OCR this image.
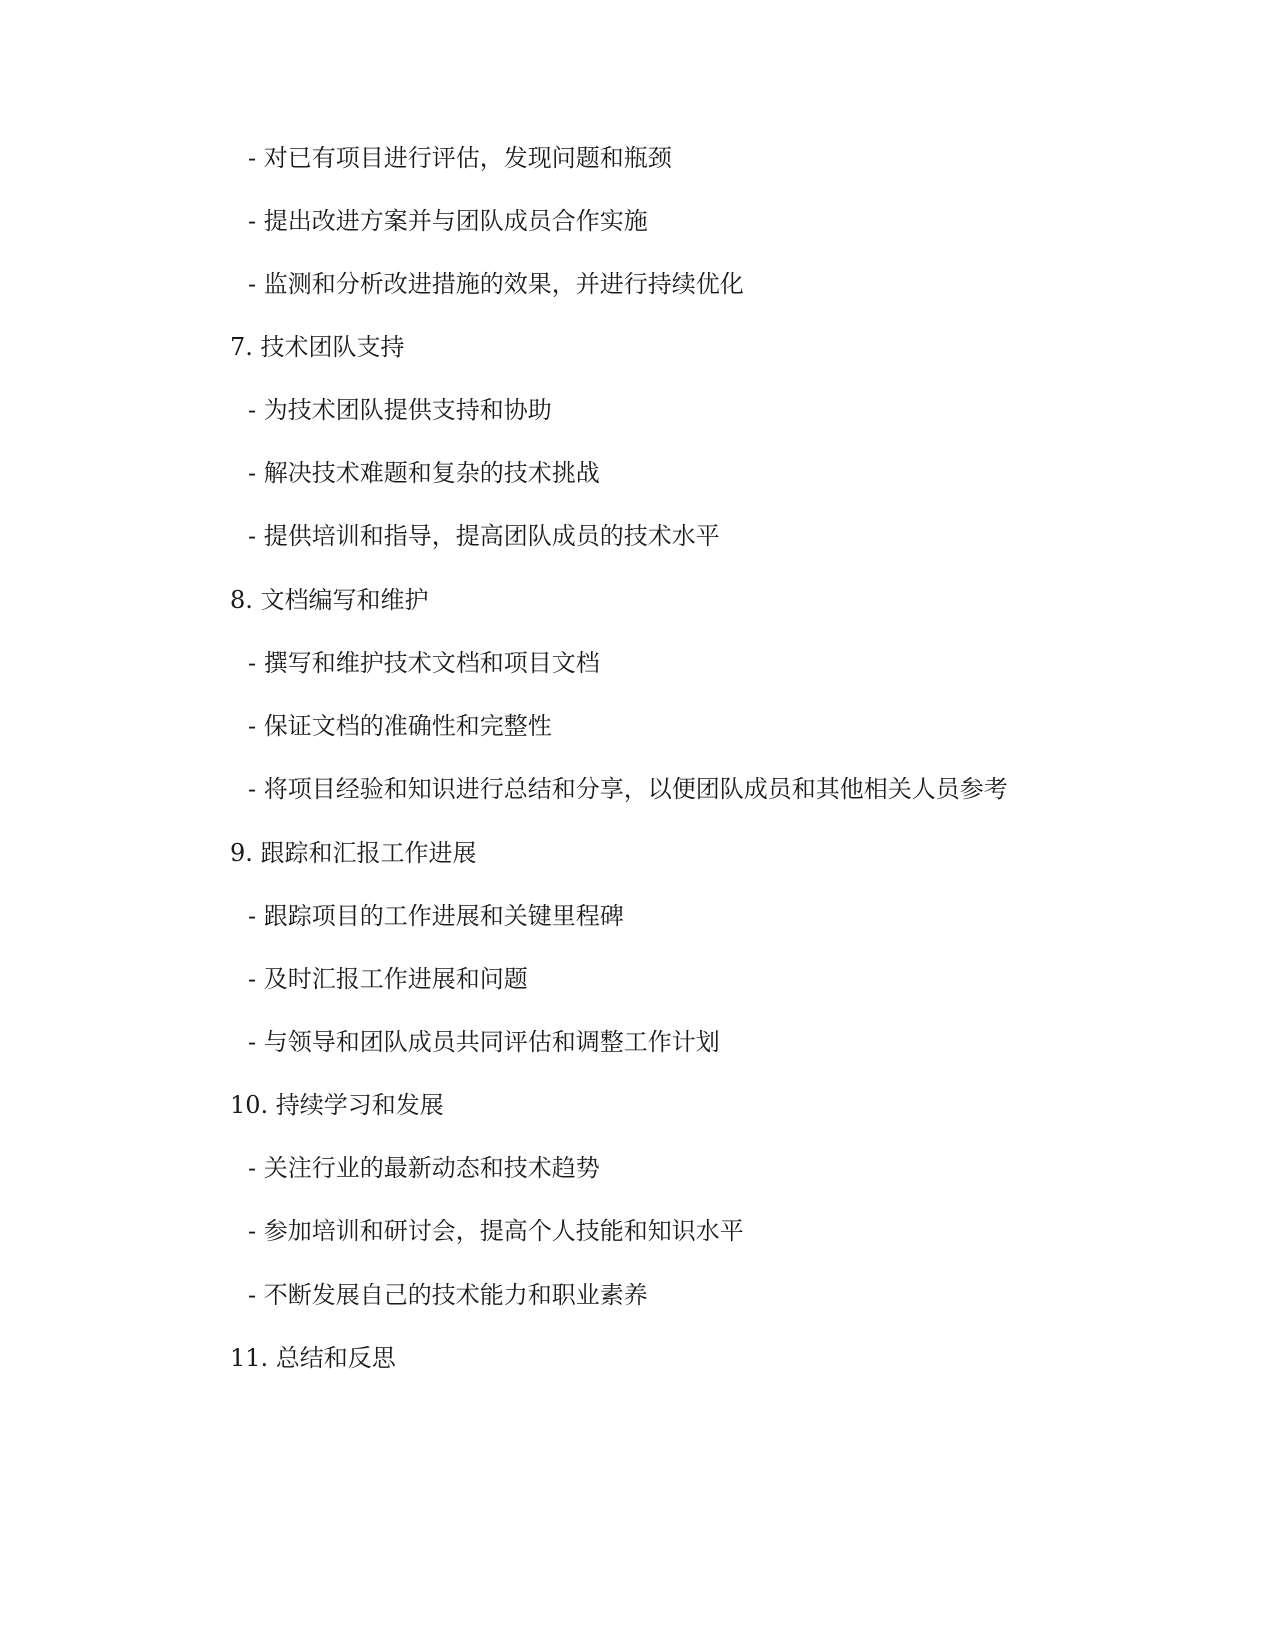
- 对已有项目进行评估，发现问题和瓶颈
- 提出改进方案并与团队成员合作实施
- 监测和分析改进措施的效果，并进行持续优化
7. 技术团队支持
- 为技术团队提供支持和协助
- 解决技术难题和复杂的技术挑战
- 提供培训和指导，提高团队成员的技术水平
8. 文档编写和维护
- 撰写和维护技术文档和项目文档
- 保证文档的准确性和完整性
- 将项目经验和知识进行总结和分享，以便团队成员和其他相关人员参考
9. 跟踪和汇报工作进展
- 跟踪项目的工作进展和关键里程碑
- 及时汇报工作进展和问题
- 与领导和团队成员共同评估和调整工作计划
10. 持续学习和发展
- 关注行业的最新动态和技术趋势
- 参加培训和研讨会，提高个人技能和知识水平
- 不断发展自己的技术能力和职业素养
11. 总结和反思
